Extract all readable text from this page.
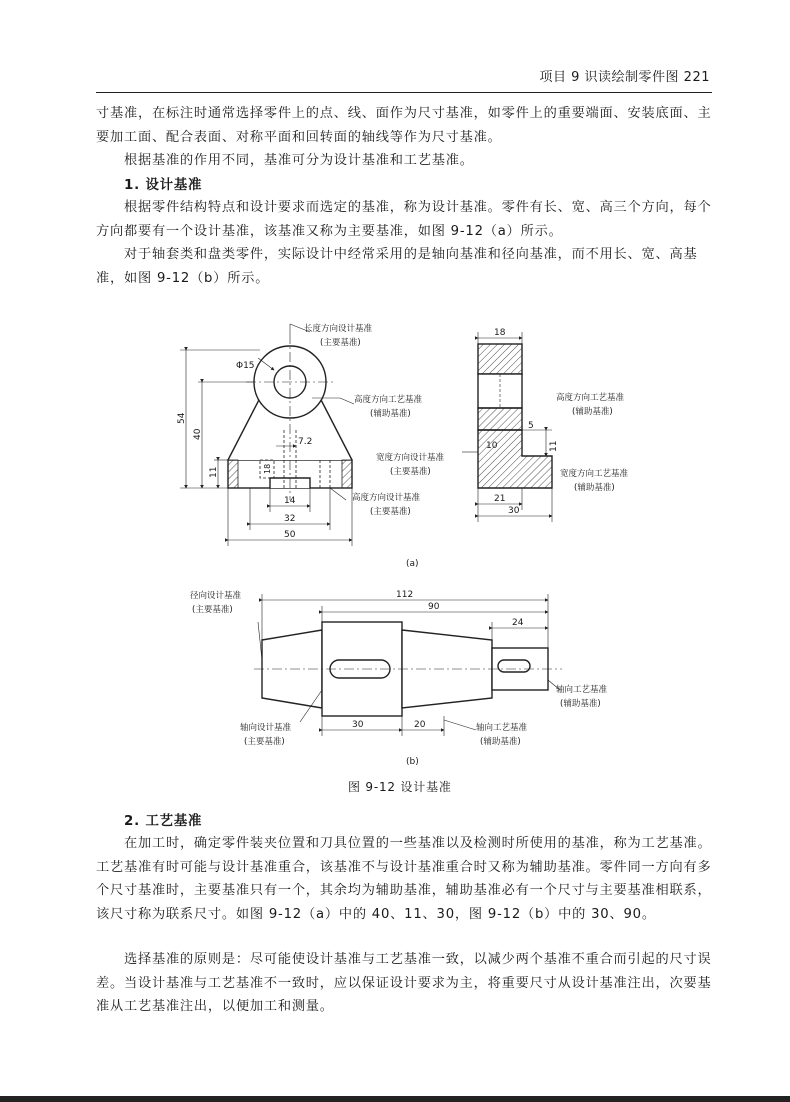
项目 9 识读绘制零件图 221

寸基准，在标注时通常选择零件上的点、线、面作为尺寸基准，如零件上的重要端面、安装底面、主要加工面、配合表面、对称平面和回转面的轴线等作为尺寸基准。

根据基准的作用不同，基准可分为设计基准和工艺基准。

1. 设计基准

根据零件结构特点和设计要求而选定的基准，称为设计基准。零件有长、宽、高三个方向，每个方向都要有一个设计基准，该基准又称为主要基准，如图 9-12（a）所示。

对于轴套类和盘类零件，实际设计中经常采用的是轴向基准和径向基准，而不用长、宽、高基准，如图 9-12（b）所示。

长度方向设计基准
(主要基准)
高度方向工艺基准
(辅助基准)
高度方向设计基准
(主要基准)
宽度方向设计基准
(主要基准)
高度方向工艺基准
(辅助基准)
宽度方向工艺基准
(辅助基准)
Φ15
54
40
11
7.2
18
14
32
50
18
5
10	11
21
30
(a)
径向设计基准
(主要基准)
轴向工艺基准
(辅助基准)
轴向设计基准
(主要基准)
轴向工艺基准
(辅助基准)
112
90
24
30	20
(b)
图 9-12 设计基准
2. 工艺基准

在加工时，确定零件装夹位置和刀具位置的一些基准以及检测时所使用的基准，称为工艺基准。工艺基准有时可能与设计基准重合，该基准不与设计基准重合时又称为辅助基准。零件同一方向有多个尺寸基准时，主要基准只有一个，其余均为辅助基准，辅助基准必有一个尺寸与主要基准相联系，该尺寸称为联系尺寸。如图 9-12（a）中的 40、11、30，图 9-12（b）中的 30、90。

选择基准的原则是：尽可能使设计基准与工艺基准一致，以减少两个基准不重合而引起的尺寸误差。当设计基准与工艺基准不一致时，应以保证设计要求为主，将重要尺寸从设计基准注出，次要基准从工艺基准注出，以便加工和测量。
